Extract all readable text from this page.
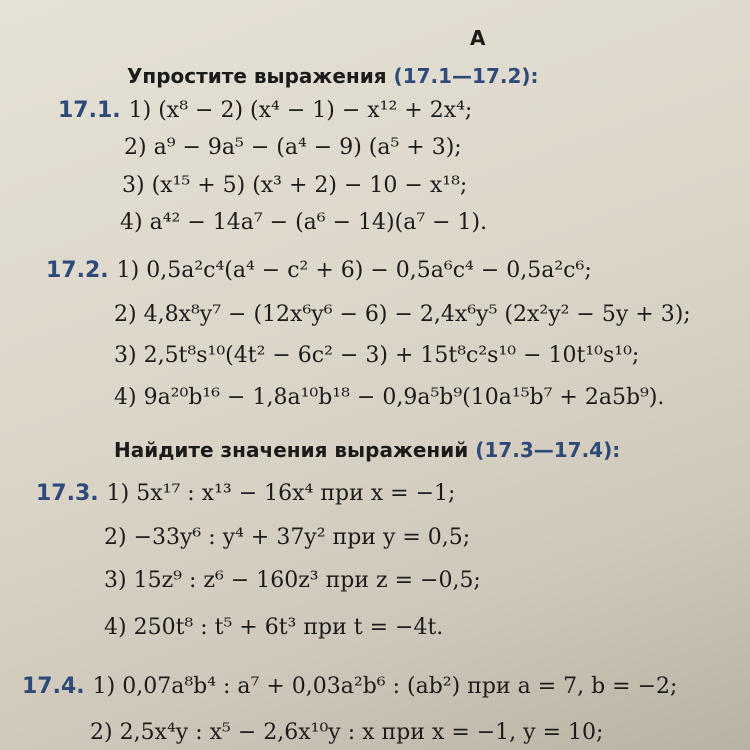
А
Упростите выражения (17.1—17.2):
17.1. 1) (x⁸ − 2) (x⁴ − 1) − x¹² + 2x⁴;
2) a⁹ − 9a⁵ − (a⁴ − 9) (a⁵ + 3);
3) (x¹⁵ + 5) (x³ + 2) − 10 − x¹⁸;
4) a⁴² − 14a⁷ − (a⁶ − 14)(a⁷ − 1).
17.2. 1) 0,5a²c⁴(a⁴ − c² + 6) − 0,5a⁶c⁴ − 0,5a²c⁶;
2) 4,8x⁸y⁷ − (12x⁶y⁶ − 6) − 2,4x⁶y⁵ (2x²y² − 5y + 3);
3) 2,5t⁸s¹⁰(4t² − 6c² − 3) + 15t⁸c²s¹⁰ − 10t¹⁰s¹⁰;
4) 9a²⁰b¹⁶ − 1,8a¹⁰b¹⁸ − 0,9a⁵b⁹(10a¹⁵b⁷ + 2a5b⁹).
Найдите значения выражений (17.3—17.4):
17.3. 1) 5x¹⁷ : x¹³ − 16x⁴ при x = −1;
2) −33y⁶ : y⁴ + 37y² при y = 0,5;
3) 15z⁹ : z⁶ − 160z³ при z = −0,5;
4) 250t⁸ : t⁵ + 6t³ при t = −4t.
17.4. 1) 0,07a⁸b⁴ : a⁷ + 0,03a²b⁶ : (ab²) при a = 7, b = −2;
2) 2,5x⁴y : x⁵ − 2,6x¹⁰y : x при x = −1, y = 10;
